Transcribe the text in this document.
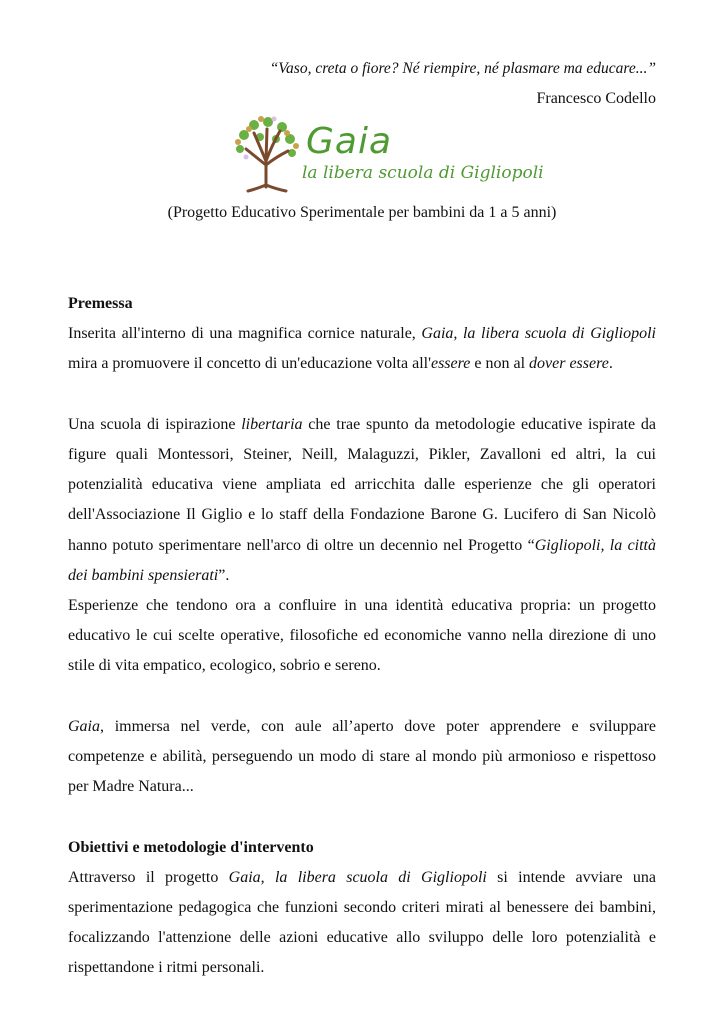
“Vaso, creta o fiore? Né riempire, né plasmare ma educare...”
Francesco Codello
Gaia
la libera scuola di Gigliopoli
(Progetto Educativo Sperimentale per bambini da 1 a 5 anni)
Premessa

Inserita all'interno di una magnifica cornice naturale, Gaia, la libera scuola di Gigliopoli mira a promuovere il concetto di un'educazione volta all'essere e non al dover essere.

Una scuola di ispirazione libertaria che trae spunto da metodologie educative ispirate da figure quali Montessori, Steiner, Neill, Malaguzzi, Pikler, Zavalloni ed altri, la cui potenzialità educativa viene ampliata ed arricchita dalle esperienze che gli operatori dell'Associazione Il Giglio e lo staff della Fondazione Barone G. Lucifero di San Nicolò hanno potuto sperimentare nell'arco di oltre un decennio nel Progetto “Gigliopoli, la città dei bambini spensierati”.

Esperienze che tendono ora a confluire in una identità educativa propria: un progetto educativo le cui scelte operative, filosofiche ed economiche vanno nella direzione di uno stile di vita empatico, ecologico, sobrio e sereno.

Gaia, immersa nel verde, con aule all’aperto dove poter apprendere e sviluppare competenze e abilità, perseguendo un modo di stare al mondo più armonioso e rispettoso per Madre Natura...

Obiettivi e metodologie d'intervento

Attraverso il progetto Gaia, la libera scuola di Gigliopoli si intende avviare una sperimentazione pedagogica che funzioni secondo criteri mirati al benessere dei bambini, focalizzando l'attenzione delle azioni educative allo sviluppo delle loro potenzialità e rispettandone i ritmi personali.
